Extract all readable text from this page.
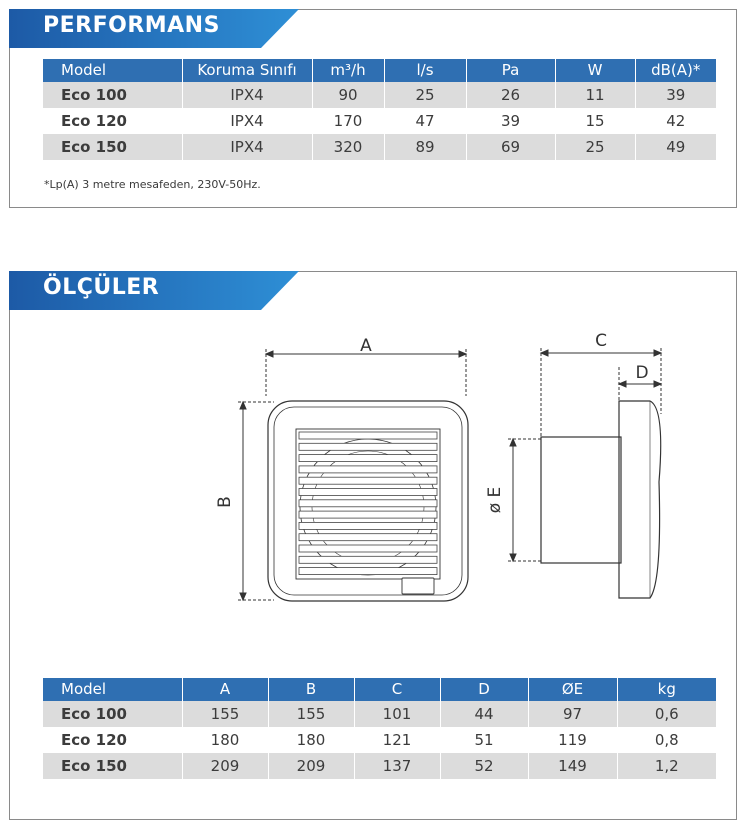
PERFORMANS
Model	Koruma Sınıfı	m³/h	l/s	Pa	W	dB(A)*
Eco 100	IPX4	90	25	26	11	39
Eco 120	IPX4	170	47	39	15	42
Eco 150	IPX4	320	89	69	25	49
*Lp(A) 3 metre mesafeden, 230V-50Hz.
ÖLÇÜLER
A
B
C
D
ø E
Model	A	B	C	D	ØE	kg
Eco 100	155	155	101	44	97	0,6
Eco 120	180	180	121	51	119	0,8
Eco 150	209	209	137	52	149	1,2
